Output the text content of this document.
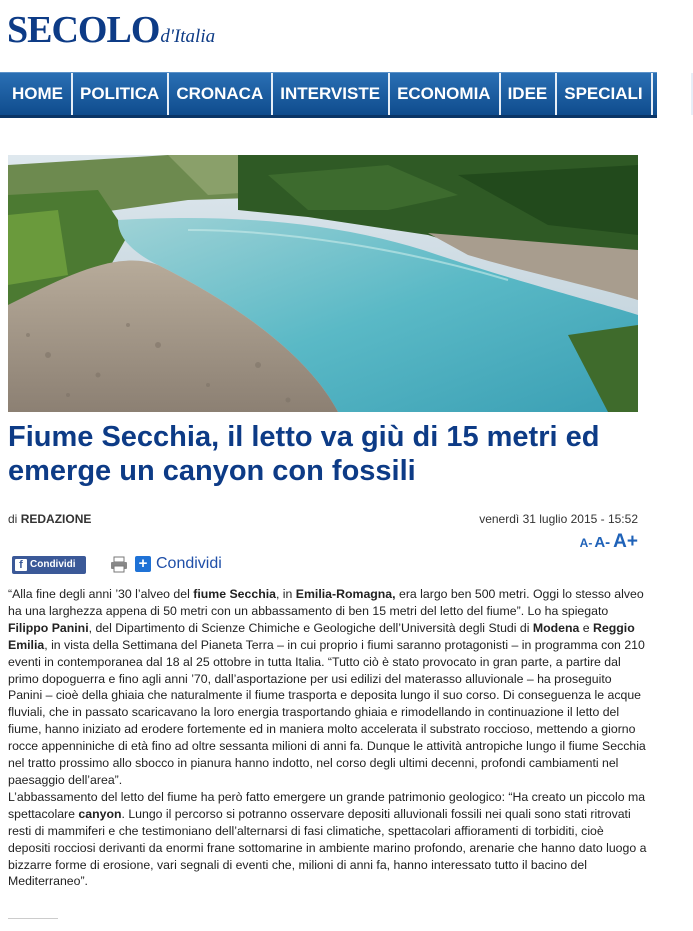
SECOLOd'Italia
HOME POLITICA CRONACA INTERVISTE ECONOMIA IDEE SPECIALI FO
Fiume Secchia, il letto va giù di 15 metri ed emerge un canyon con fossili
di REDAZIONE	venerdì 31 luglio 2015 - 15:52
A- A- A+
f Condividi	+ Condividi
“Alla fine degli anni ’30 l’alveo del fiume Secchia, in Emilia-Romagna, era largo ben 500 metri. Oggi lo stesso alveo ha una larghezza appena di 50 metri con un abbassamento di ben 15 metri del letto del fiume”. Lo ha spiegato Filippo Panini, del Dipartimento di Scienze Chimiche e Geologiche dell’Università degli Studi di Modena e Reggio Emilia, in vista della Settimana del Pianeta Terra – in cui proprio i fiumi saranno protagonisti – in programma con 210 eventi in contemporanea dal 18 al 25 ottobre in tutta Italia. “Tutto ciò è stato provocato in gran parte, a partire dal primo dopoguerra e fino agli anni ’70, dall’asportazione per usi edilizi del materasso alluvionale – ha proseguito Panini – cioè della ghiaia che naturalmente il fiume trasporta e deposita lungo il suo corso. Di conseguenza le acque fluviali, che in passato scaricavano la loro energia trasportando ghiaia e rimodellando in continuazione il letto del fiume, hanno iniziato ad erodere fortemente ed in maniera molto accelerata il substrato roccioso, mettendo a giorno rocce appenniniche di età fino ad oltre sessanta milioni di anni fa. Dunque le attività antropiche lungo il fiume Secchia nel tratto prossimo allo sbocco in pianura hanno indotto, nel corso degli ultimi decenni, profondi cambiamenti nel paesaggio dell’area”.
L’abbassamento del letto del fiume ha però fatto emergere un grande patrimonio geologico: “Ha creato un piccolo ma spettacolare canyon. Lungo il percorso si potranno osservare depositi alluvionali fossili nei quali sono stati ritrovati resti di mammiferi e che testimoniano dell’alternarsi di fasi climatiche, spettacolari affioramenti di torbiditi, cioè depositi rocciosi derivanti da enormi frane sottomarine in ambiente marino profondo, arenarie che hanno dato luogo a bizzarre forme di erosione, vari segnali di eventi che, milioni di anni fa, hanno interessato tutto il bacino del Mediterraneo”.
